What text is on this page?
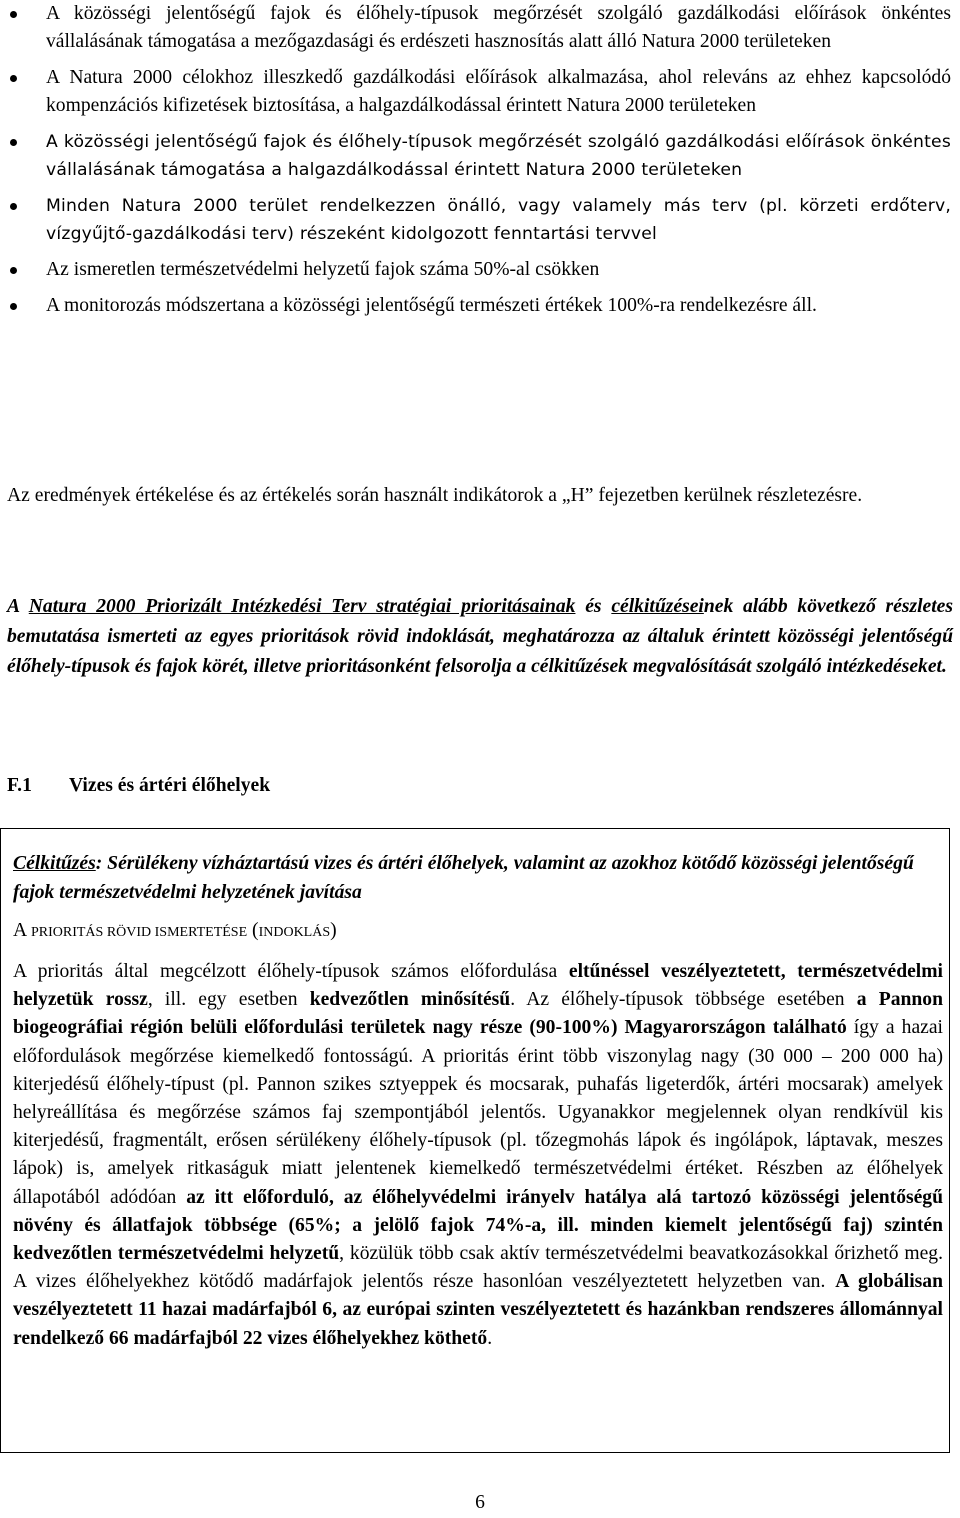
A közösségi jelentőségű fajok és élőhely-típusok megőrzését szolgáló gazdálkodási előírások önkéntes vállalásának támogatása a mezőgazdasági és erdészeti hasznosítás alatt álló Natura 2000 területeken
A Natura 2000 célokhoz illeszkedő gazdálkodási előírások alkalmazása, ahol releváns az ehhez kapcsolódó kompenzációs kifizetések biztosítása, a halgazdálkodással érintett Natura 2000 területeken
A közösségi jelentőségű fajok és élőhely-típusok megőrzését szolgáló gazdálkodási előírások önkéntes vállalásának támogatása a halgazdálkodással érintett Natura 2000 területeken
Minden Natura 2000 terület rendelkezzen önálló, vagy valamely más terv (pl. körzeti erdőterv, vízgyűjtő-gazdálkodási terv) részeként kidolgozott fenntartási tervvel
Az ismeretlen természetvédelmi helyzetű fajok száma 50%-al csökken
A monitorozás módszertana a közösségi jelentőségű természeti értékek 100%-ra rendelkezésre áll.
Az eredmények értékelése és az értékelés során használt indikátorok a „H” fejezetben kerülnek részletezésre.
A Natura 2000 Priorizált Intézkedési Terv stratégiai prioritásainak és célkitűzéseinek alább következő részletes bemutatása ismerteti az egyes prioritások rövid indoklását, meghatározza az általuk érintett közösségi jelentőségű élőhely-típusok és fajok körét, illetve prioritásonként felsorolja a célkitűzések megvalósítását szolgáló intézkedéseket.
F.1 Vizes és ártéri élőhelyek
Célkitűzés: Sérülékeny vízháztartású vizes és ártéri élőhelyek, valamint az azokhoz kötődő közösségi jelentőségű fajok természetvédelmi helyzetének javítása
A PRIORITÁS RÖVID ISMERTETÉSE (INDOKLÁS)
A prioritás által megcélzott élőhely-típusok számos előfordulása eltűnéssel veszélyeztetett, természetvédelmi helyzetük rossz, ill. egy esetben kedvezőtlen minősítésű. Az élőhely-típusok többsége esetében a Pannon biogeográfiai régión belüli előfordulási területek nagy része (90-100%) Magyarországon található így a hazai előfordulások megőrzése kiemelkedő fontosságú. A prioritás érint több viszonylag nagy (30 000 – 200 000 ha) kiterjedésű élőhely-típust (pl. Pannon szikes sztyeppek és mocsarak, puhafás ligeterdők, ártéri mocsarak) amelyek helyreállítása és megőrzése számos faj szempontjából jelentős. Ugyanakkor megjelennek olyan rendkívül kis kiterjedésű, fragmentált, erősen sérülékeny élőhely-típusok (pl. tőzegmohás lápok és ingólápok, láptavak, meszes lápok) is, amelyek ritkaságuk miatt jelentenek kiemelkedő természetvédelmi értéket. Részben az élőhelyek állapotából adódóan az itt előforduló, az élőhelyvédelmi irányelv hatálya alá tartozó közösségi jelentőségű növény és állatfajok többsége (65%; a jelölő fajok 74%-a, ill. minden kiemelt jelentőségű faj) szintén kedvezőtlen természetvédelmi helyzetű, közülük több csak aktív természetvédelmi beavatkozásokkal őrizhető meg. A vizes élőhelyekhez kötődő madárfajok jelentős része hasonlóan veszélyeztetett helyzetben van. A globálisan veszélyeztetett 11 hazai madárfajból 6, az európai szinten veszélyeztetett és hazánkban rendszeres állománnyal rendelkező 66 madárfajból 22 vizes élőhelyekhez köthető.
6
